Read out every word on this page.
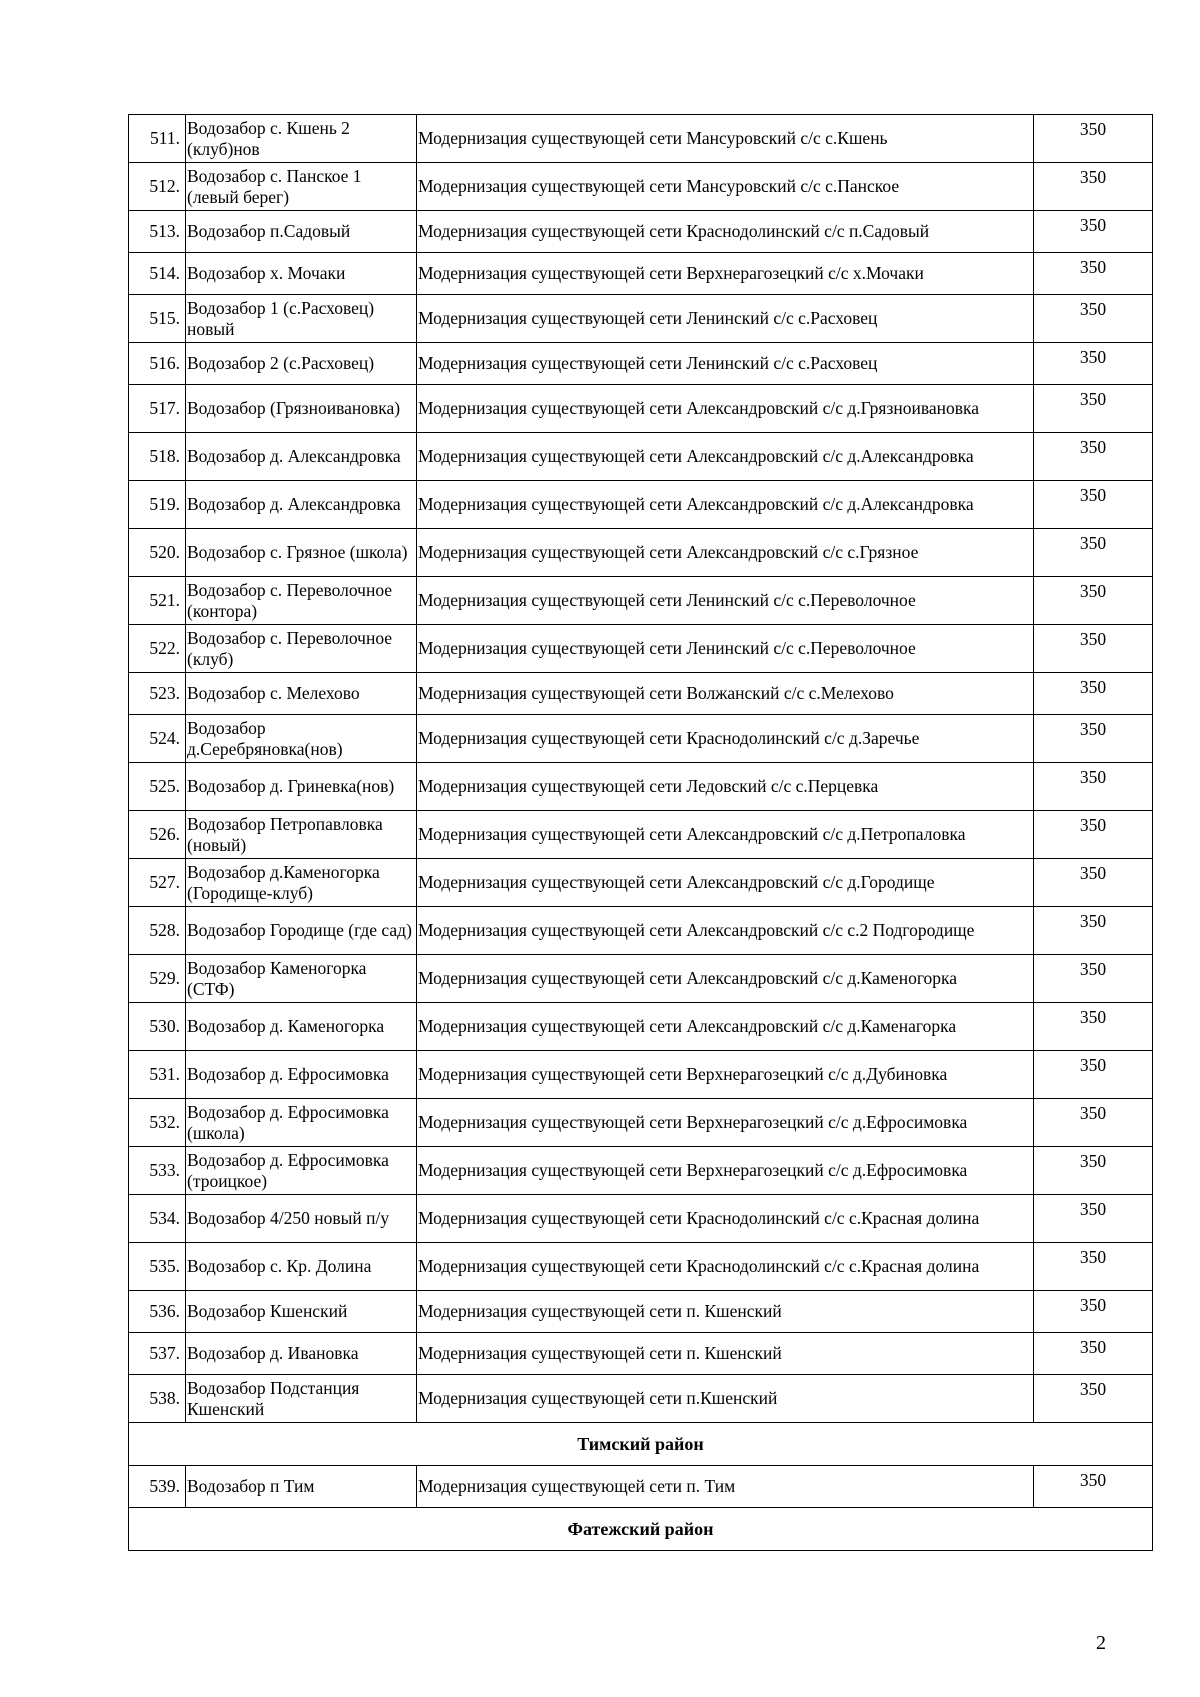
511.	Водозабор с. Кшень 2 (клуб)нов	Модернизация существующей сети Мансуровский с/с с.Кшень	350
512.	Водозабор с. Панское 1 (левый берег)	Модернизация существующей сети Мансуровский с/с с.Панское	350
513.	Водозабор п.Садовый	Модернизация существующей сети Краснодолинский с/с п.Садовый	350
514.	Водозабор х. Мочаки	Модернизация существующей сети Верхнерагозецкий с/с х.Мочаки	350
515.	Водозабор 1 (с.Расховец) новый	Модернизация существующей сети Ленинский с/с с.Расховец	350
516.	Водозабор 2 (с.Расховец)	Модернизация существующей сети Ленинский с/с с.Расховец	350
517.	Водозабор (Грязноивановка)	Модернизация существующей сети Александровский с/с д.Грязноивановка	350
518.	Водозабор д. Александровка	Модернизация существующей сети Александровский с/с д.Александровка	350
519.	Водозабор д. Александровка	Модернизация существующей сети Александровский с/с д.Александровка	350
520.	Водозабор с. Грязное (школа)	Модернизация существующей сети Александровский с/с с.Грязное	350
521.	Водозабор с. Переволочное (контора)	Модернизация существующей сети Ленинский с/с с.Переволочное	350
522.	Водозабор с. Переволочное (клуб)	Модернизация существующей сети Ленинский с/с с.Переволочное	350
523.	Водозабор с. Мелехово	Модернизация существующей сети Волжанский с/с с.Мелехово	350
524.	Водозабор д.Серебряновка(нов)	Модернизация существующей сети Краснодолинский с/с д.Заречье	350
525.	Водозабор д. Гриневка(нов)	Модернизация существующей сети Ледовский с/с с.Перцевка	350
526.	Водозабор Петропавловка (новый)	Модернизация существующей сети Александровский с/с д.Петропаловка	350
527.	Водозабор д.Каменогорка (Городище-клуб)	Модернизация существующей сети Александровский с/с д.Городище	350
528.	Водозабор Городище (где сад)	Модернизация существующей сети Александровский с/с с.2 Подгородище	350
529.	Водозабор Каменогорка (СТФ)	Модернизация существующей сети Александровский с/с д.Каменогорка	350
530.	Водозабор д. Каменогорка	Модернизация существующей сети Александровский с/с д.Каменагорка	350
531.	Водозабор д. Ефросимовка	Модернизация существующей сети Верхнерагозецкий с/с д.Дубиновка	350
532.	Водозабор д. Ефросимовка (школа)	Модернизация существующей сети Верхнерагозецкий с/с д.Ефросимовка	350
533.	Водозабор д. Ефросимовка (троицкое)	Модернизация существующей сети Верхнерагозецкий с/с д.Ефросимовка	350
534.	Водозабор 4/250 новый п/у	Модернизация существующей сети Краснодолинский с/с с.Красная долина	350
535.	Водозабор с. Кр. Долина	Модернизация существующей сети Краснодолинский с/с с.Красная долина	350
536.	Водозабор Кшенский	Модернизация существующей сети п. Кшенский	350
537.	Водозабор д. Ивановка	Модернизация существующей сети п. Кшенский	350
538.	Водозабор Подстанция Кшенский	Модернизация существующей сети п.Кшенский	350
Тимский район			
539.	Водозабор п Тим	Модернизация существующей сети п. Тим	350
Фатежский район			
2
